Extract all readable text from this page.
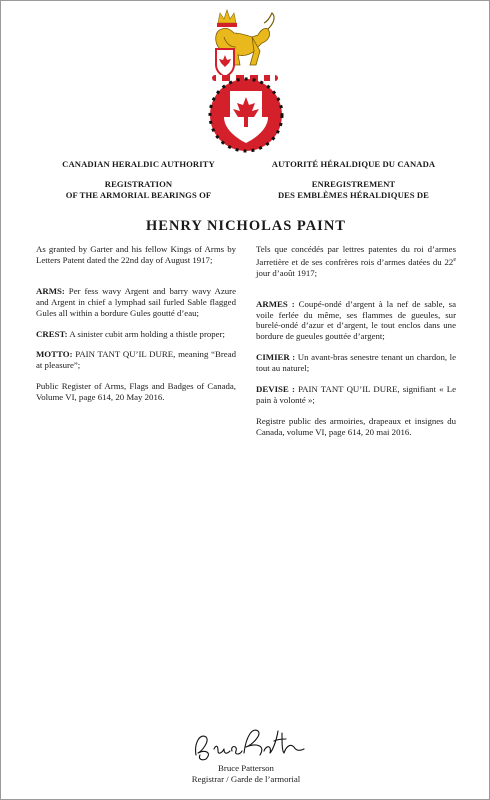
CANADIAN HERALDIC AUTHORITY
REGISTRATION
OF THE ARMORIAL BEARINGS OF
AUTORITÉ HÉRALDIQUE DU CANADA
ENREGISTREMENT
DES EMBLÈMES HÉRALDIQUES DE
HENRY NICHOLAS PAINT

As granted by Garter and his fellow Kings of Arms by Letters Patent dated the 22nd day of August 1917;

ARMS: Per fess wavy Argent and barry wavy Azure and Argent in chief a lymphad sail furled Sable flagged Gules all within a bordure Gules goutté d’eau;

CREST: A sinister cubit arm holding a thistle proper;

MOTTO: PAIN TANT QU’IL DURE, meaning “Bread at pleasure”;

Public Register of Arms, Flags and Badges of Canada, Volume VI, page 614, 20 May 2016.

Tels que concédés par lettres patentes du roi d’armes Jarretière et de ses confrères rois d’armes datées du 22e jour d’août 1917;

ARMES : Coupé-ondé d’argent à la nef de sable, sa voile ferlée du même, ses flammes de gueules, sur burelé-ondé d’azur et d’argent, le tout enclos dans une bordure de gueules gouttée d’argent;

CIMIER : Un avant-bras senestre tenant un chardon, le tout au naturel;

DEVISE : PAIN TANT QU’IL DURE, signifiant « Le pain à volonté »;

Registre public des armoiries, drapeaux et insignes du Canada, volume VI, page 614, 20 mai 2016.

Bruce Patterson
Registrar / Garde de l’armorial
